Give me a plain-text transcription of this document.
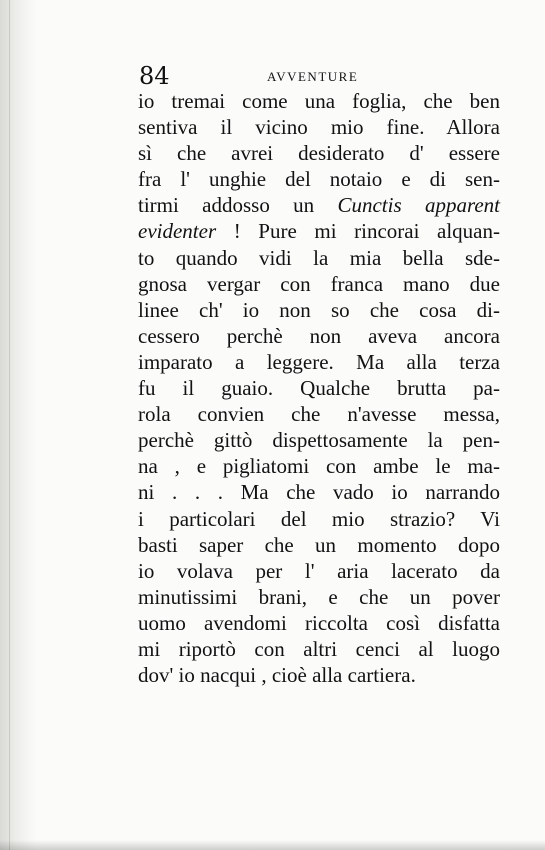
84	AVVENTURE
io tremai come una foglia, che ben
sentiva il vicino mio fine. Allora
sì che avrei desiderato d' essere
fra l' unghie del notaio e di sen-
tirmi addosso un Cunctis apparent
evidenter ! Pure mi rincorai alquan-
to quando vidi la mia bella sde-
gnosa vergar con franca mano due
linee ch' io non so che cosa di-
cessero perchè non aveva ancora
imparato a leggere. Ma alla terza
fu il guaio. Qualche brutta pa-
rola convien che n'avesse messa,
perchè gittò dispettosamente la pen-
na , e pigliatomi con ambe le ma-
ni . . . Ma che vado io narrando
i particolari del mio strazio? Vi
basti saper che un momento dopo
io volava per l' aria lacerato da
minutissimi brani, e che un pover
uomo avendomi riccolta così disfatta
mi riportò con altri cenci al luogo
dov' io nacqui , cioè alla cartiera.
